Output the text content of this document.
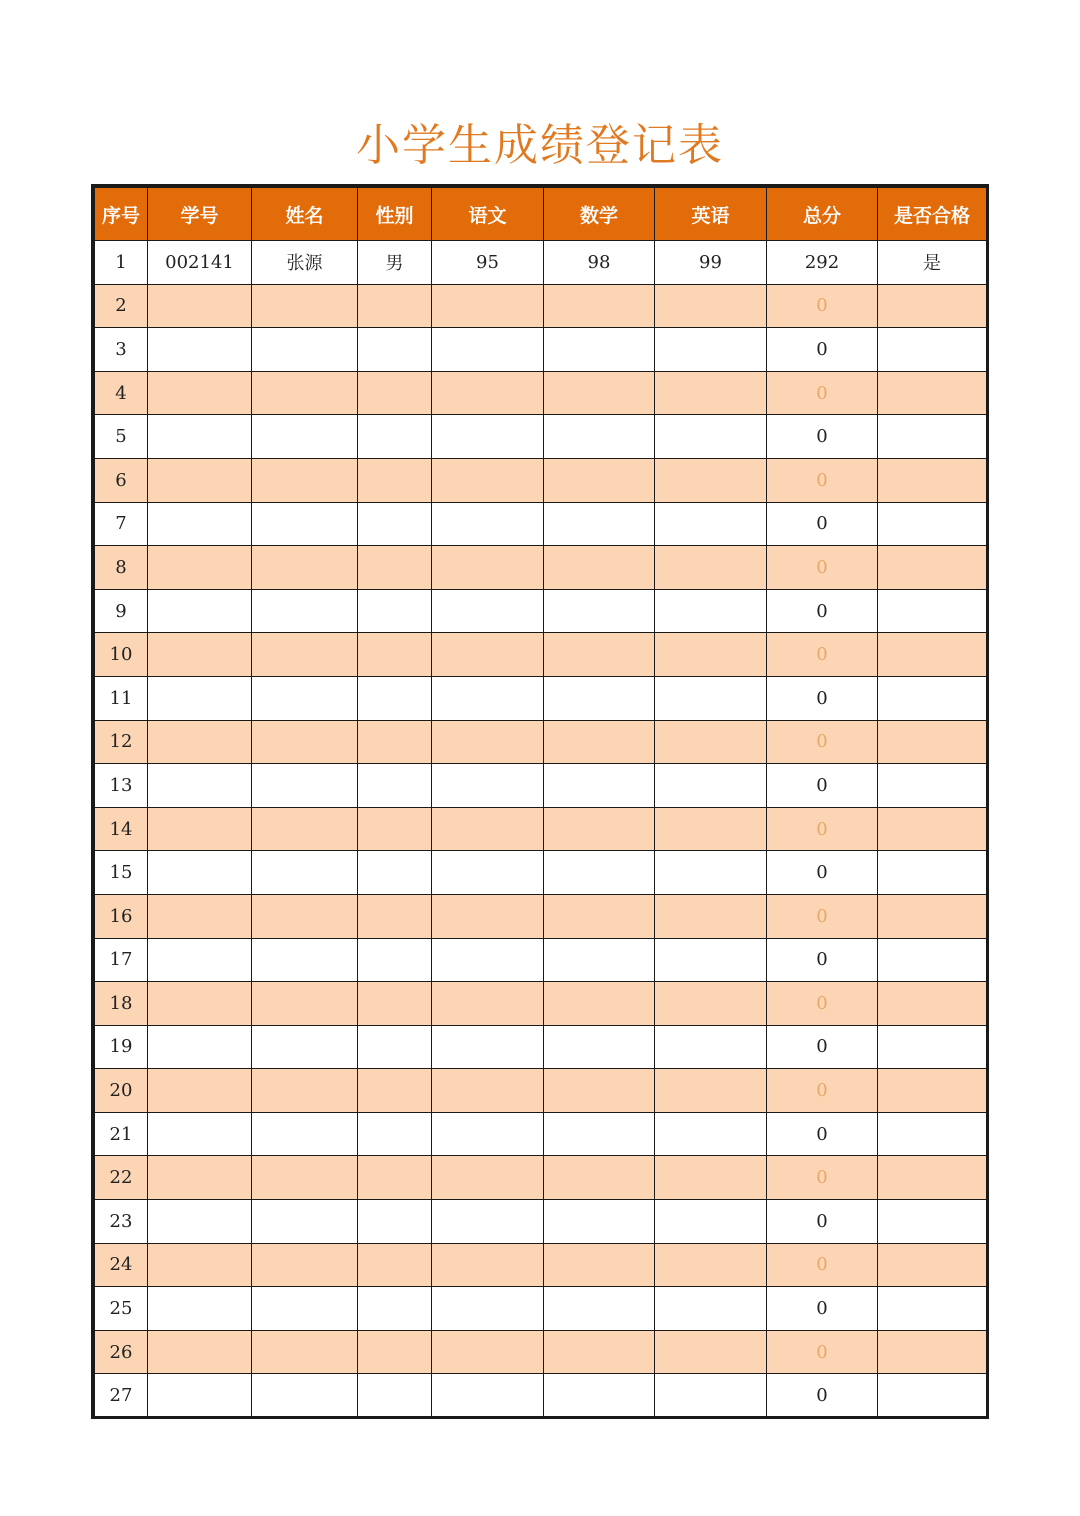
小学生成绩登记表
序号	学号	姓名	性别	语文	数学	英语	总分	是否合格
1	002141	张源	男	95	98	99	292	是
2							0	
3							0	
4							0	
5							0	
6							0	
7							0	
8							0	
9							0	
10							0	
11							0	
12							0	
13							0	
14							0	
15							0	
16							0	
17							0	
18							0	
19							0	
20							0	
21							0	
22							0	
23							0	
24							0	
25							0	
26							0	
27							0	
